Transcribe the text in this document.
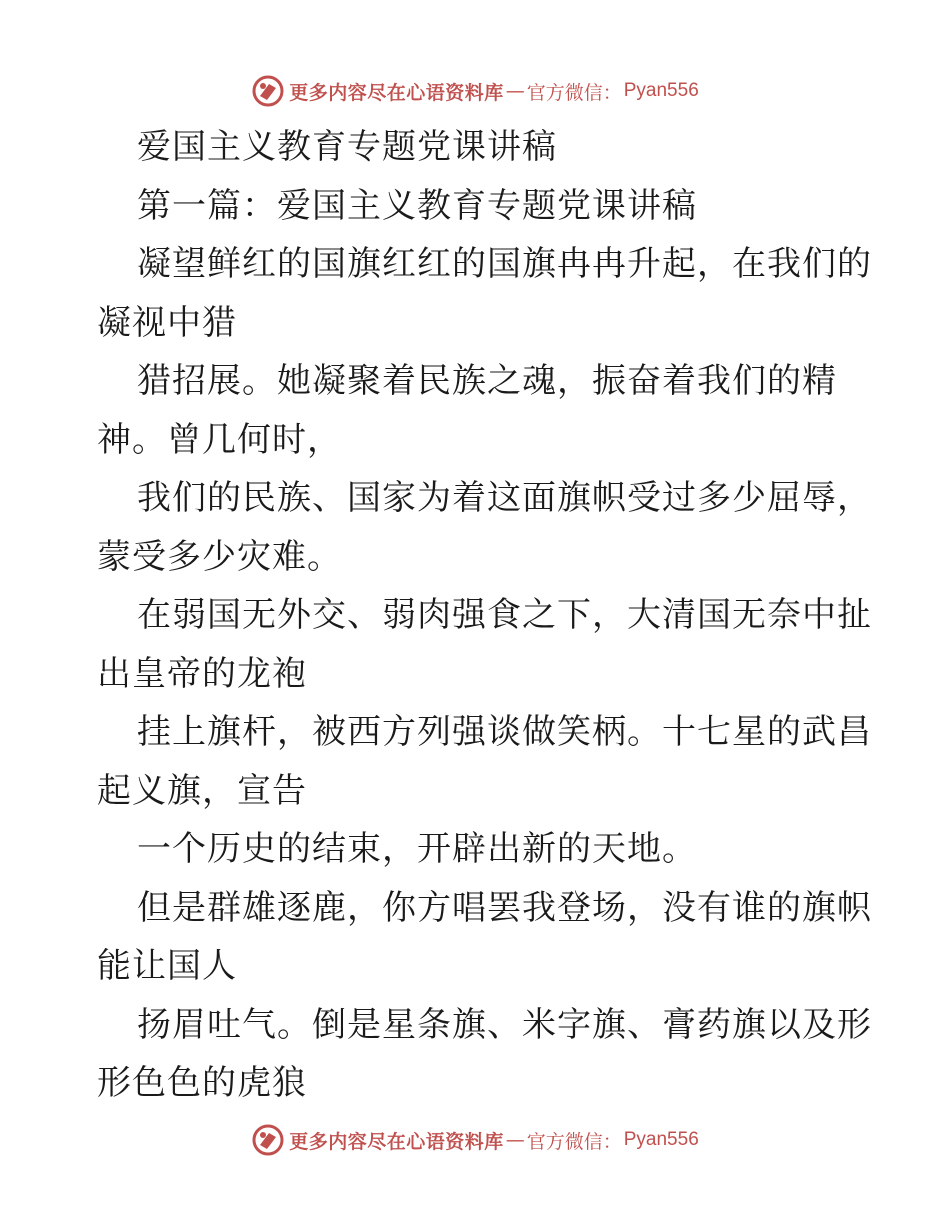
更多内容尽在心语资料库 — 官方微信： Pyan556
爱国主义教育专题党课讲稿
第一篇：爱国主义教育专题党课讲稿
凝望鲜红的国旗红红的国旗冉冉升起，在我们的
凝视中猎
猎招展。她凝聚着民族之魂，振奋着我们的精
神。曾几何时，
我们的民族、国家为着这面旗帜受过多少屈辱，
蒙受多少灾难。
在弱国无外交、弱肉强食之下，大清国无奈中扯
出皇帝的龙袍
挂上旗杆，被西方列强谈做笑柄。十七星的武昌
起义旗，宣告
一个历史的结束，开辟出新的天地。
但是群雄逐鹿，你方唱罢我登场，没有谁的旗帜
能让国人
扬眉吐气。倒是星条旗、米字旗、膏药旗以及形
形色色的虎狼
更多内容尽在心语资料库 — 官方微信： Pyan556
